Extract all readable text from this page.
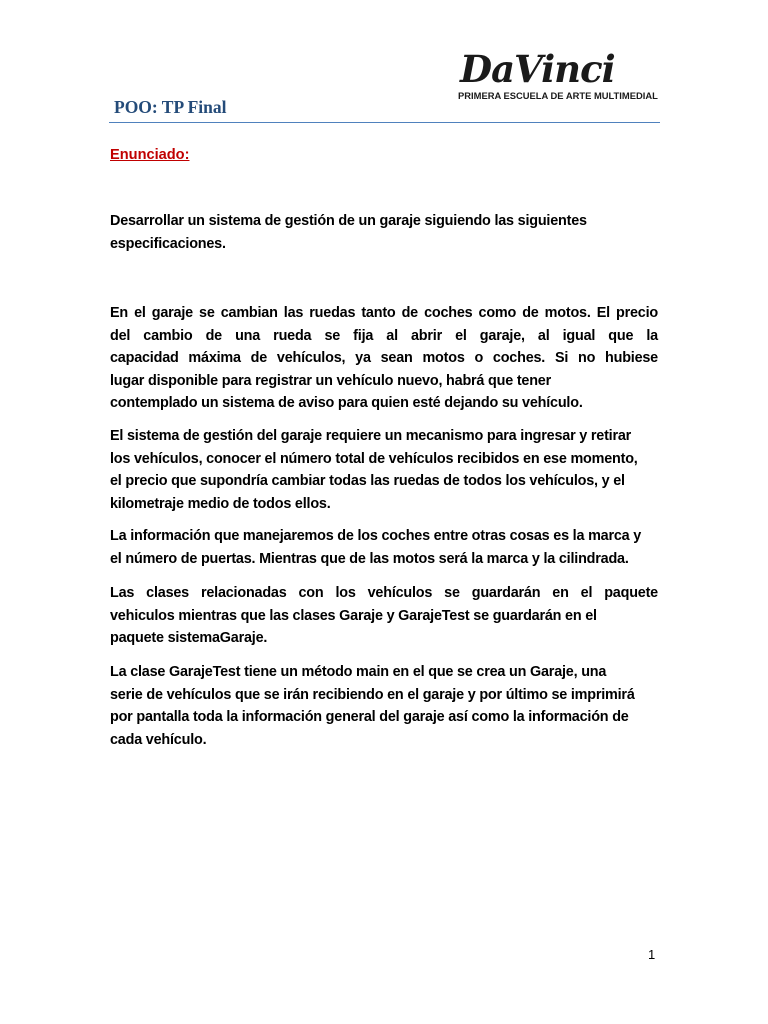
DaVinci
PRIMERA ESCUELA DE ARTE MULTIMEDIAL
POO: TP Final
Enunciado:
Desarrollar un sistema de gestión de un garaje siguiendo las siguientes
especificaciones.
En el garaje se cambian las ruedas tanto de coches como de motos. El precio
del cambio de una rueda se fija al abrir el garaje, al igual que la
capacidad máxima de vehículos, ya sean motos o coches. Si no hubiese
lugar disponible para registrar un vehículo nuevo, habrá que tener
contemplado un sistema de aviso para quien esté dejando su vehículo.
El sistema de gestión del garaje requiere un mecanismo para ingresar y retirar
los vehículos, conocer el número total de vehículos recibidos en ese momento,
el precio que supondría cambiar todas las ruedas de todos los vehículos, y el
kilometraje medio de todos ellos.
La información que manejaremos de los coches entre otras cosas es la marca y
el número de puertas. Mientras que de las motos será la marca y la cilindrada.
Las clases relacionadas con los vehículos se guardarán en el paquete
vehiculos mientras que las clases Garaje y GarajeTest se guardarán en el
paquete sistemaGaraje.
La clase GarajeTest tiene un método main en el que se crea un Garaje, una
serie de vehículos que se irán recibiendo en el garaje y por último se imprimirá
por pantalla toda la información general del garaje así como la información de
cada vehículo.
1
